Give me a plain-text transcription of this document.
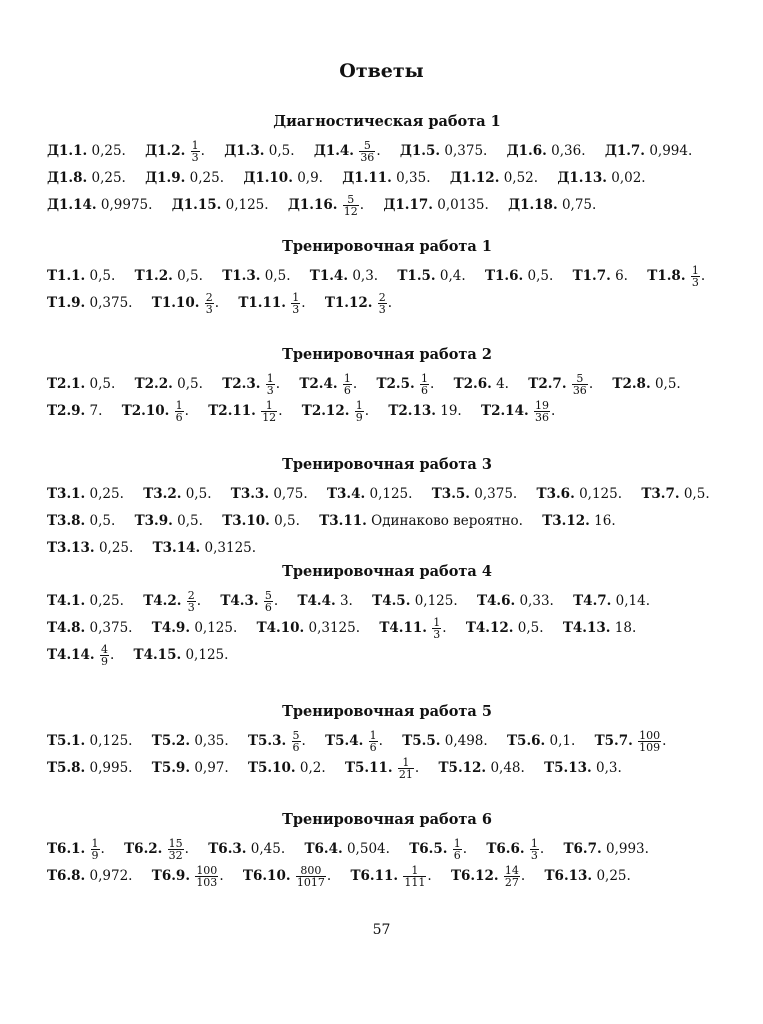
Ответы
Диагностическая работа 1
Д1.1. 0,25. Д1.2. $\frac{1}{3}$ . Д1.3. 0,5. Д1.4. $\frac{5}{36}$ . Д1.5. 0,375. Д1.6. 0,36. Д1.7. 0,994. Д1.8. 0,25. Д1.9. 0,25. Д1.10. 0,9. Д1.11. 0,35. Д1.12. 0,52. Д1.13. 0,02. Д1.14. 0,9975. Д1.15. 0,125. Д1.16. $\frac{5}{12}$ . Д1.17. 0,0135. Д1.18. 0,75.
Тренировочная работа 1
Т1.1. 0,5. Т1.2. 0,5. Т1.3. 0,5. Т1.4. 0,3. Т1.5. 0,4. Т1.6. 0,5. Т1.7. 6. Т1.8. $\frac{1}{3}$ . Т1.9. 0,375. Т1.10. $\frac{2}{3}$ . Т1.11. $\frac{1}{3}$ . Т1.12. $\frac{2}{3}$ .
Тренировочная работа 2
Т2.1. 0,5. Т2.2. 0,5. Т2.3. $\frac{1}{3}$ . Т2.4. $\frac{1}{6}$ . Т2.5. $\frac{1}{6}$ . Т2.6. 4. Т2.7. $\frac{5}{36}$ . Т2.8. 0,5. Т2.9. 7. Т2.10. $\frac{1}{6}$ . Т2.11. $\frac{1}{12}$ . Т2.12. $\frac{1}{9}$ . Т2.13. 19. Т2.14. $\frac{19}{36}$ .
Тренировочная работа 3
Т3.1. 0,25. Т3.2. 0,5. Т3.3. 0,75. Т3.4. 0,125. Т3.5. 0,375. Т3.6. 0,125. Т3.7. 0,5. Т3.8. 0,5. Т3.9. 0,5. Т3.10. 0,5. Т3.11. Одинаково вероятно. Т3.12. 16. Т3.13. 0,25. Т3.14. 0,3125.
Тренировочная работа 4
Т4.1. 0,25. Т4.2. $\frac{2}{3}$ . Т4.3. $\frac{5}{6}$ . Т4.4. 3. Т4.5. 0,125. Т4.6. 0,33. Т4.7. 0,14. Т4.8. 0,375. Т4.9. 0,125. Т4.10. 0,3125. Т4.11. $\frac{1}{3}$ . Т4.12. 0,5. Т4.13. 18. Т4.14. $\frac{4}{9}$ . Т4.15. 0,125.
Тренировочная работа 5
Т5.1. 0,125. Т5.2. 0,35. Т5.3. $\frac{5}{6}$ . Т5.4. $\frac{1}{6}$ . Т5.5. 0,498. Т5.6. 0,1. Т5.7. $\frac{100}{109}$ . Т5.8. 0,995. Т5.9. 0,97. Т5.10. 0,2. Т5.11. $\frac{1}{21}$ . Т5.12. 0,48. Т5.13. 0,3.
Тренировочная работа 6
Т6.1. $\frac{1}{9}$ . Т6.2. $\frac{15}{32}$ . Т6.3. 0,45. Т6.4. 0,504. Т6.5. $\frac{1}{6}$ . Т6.6. $\frac{1}{3}$ . Т6.7. 0,993. Т6.8. 0,972. Т6.9. $\frac{100}{103}$ . Т6.10. $\frac{800}{1017}$ . Т6.11. $\frac{1}{111}$ . Т6.12. $\frac{14}{27}$ . Т6.13. 0,25.
57
